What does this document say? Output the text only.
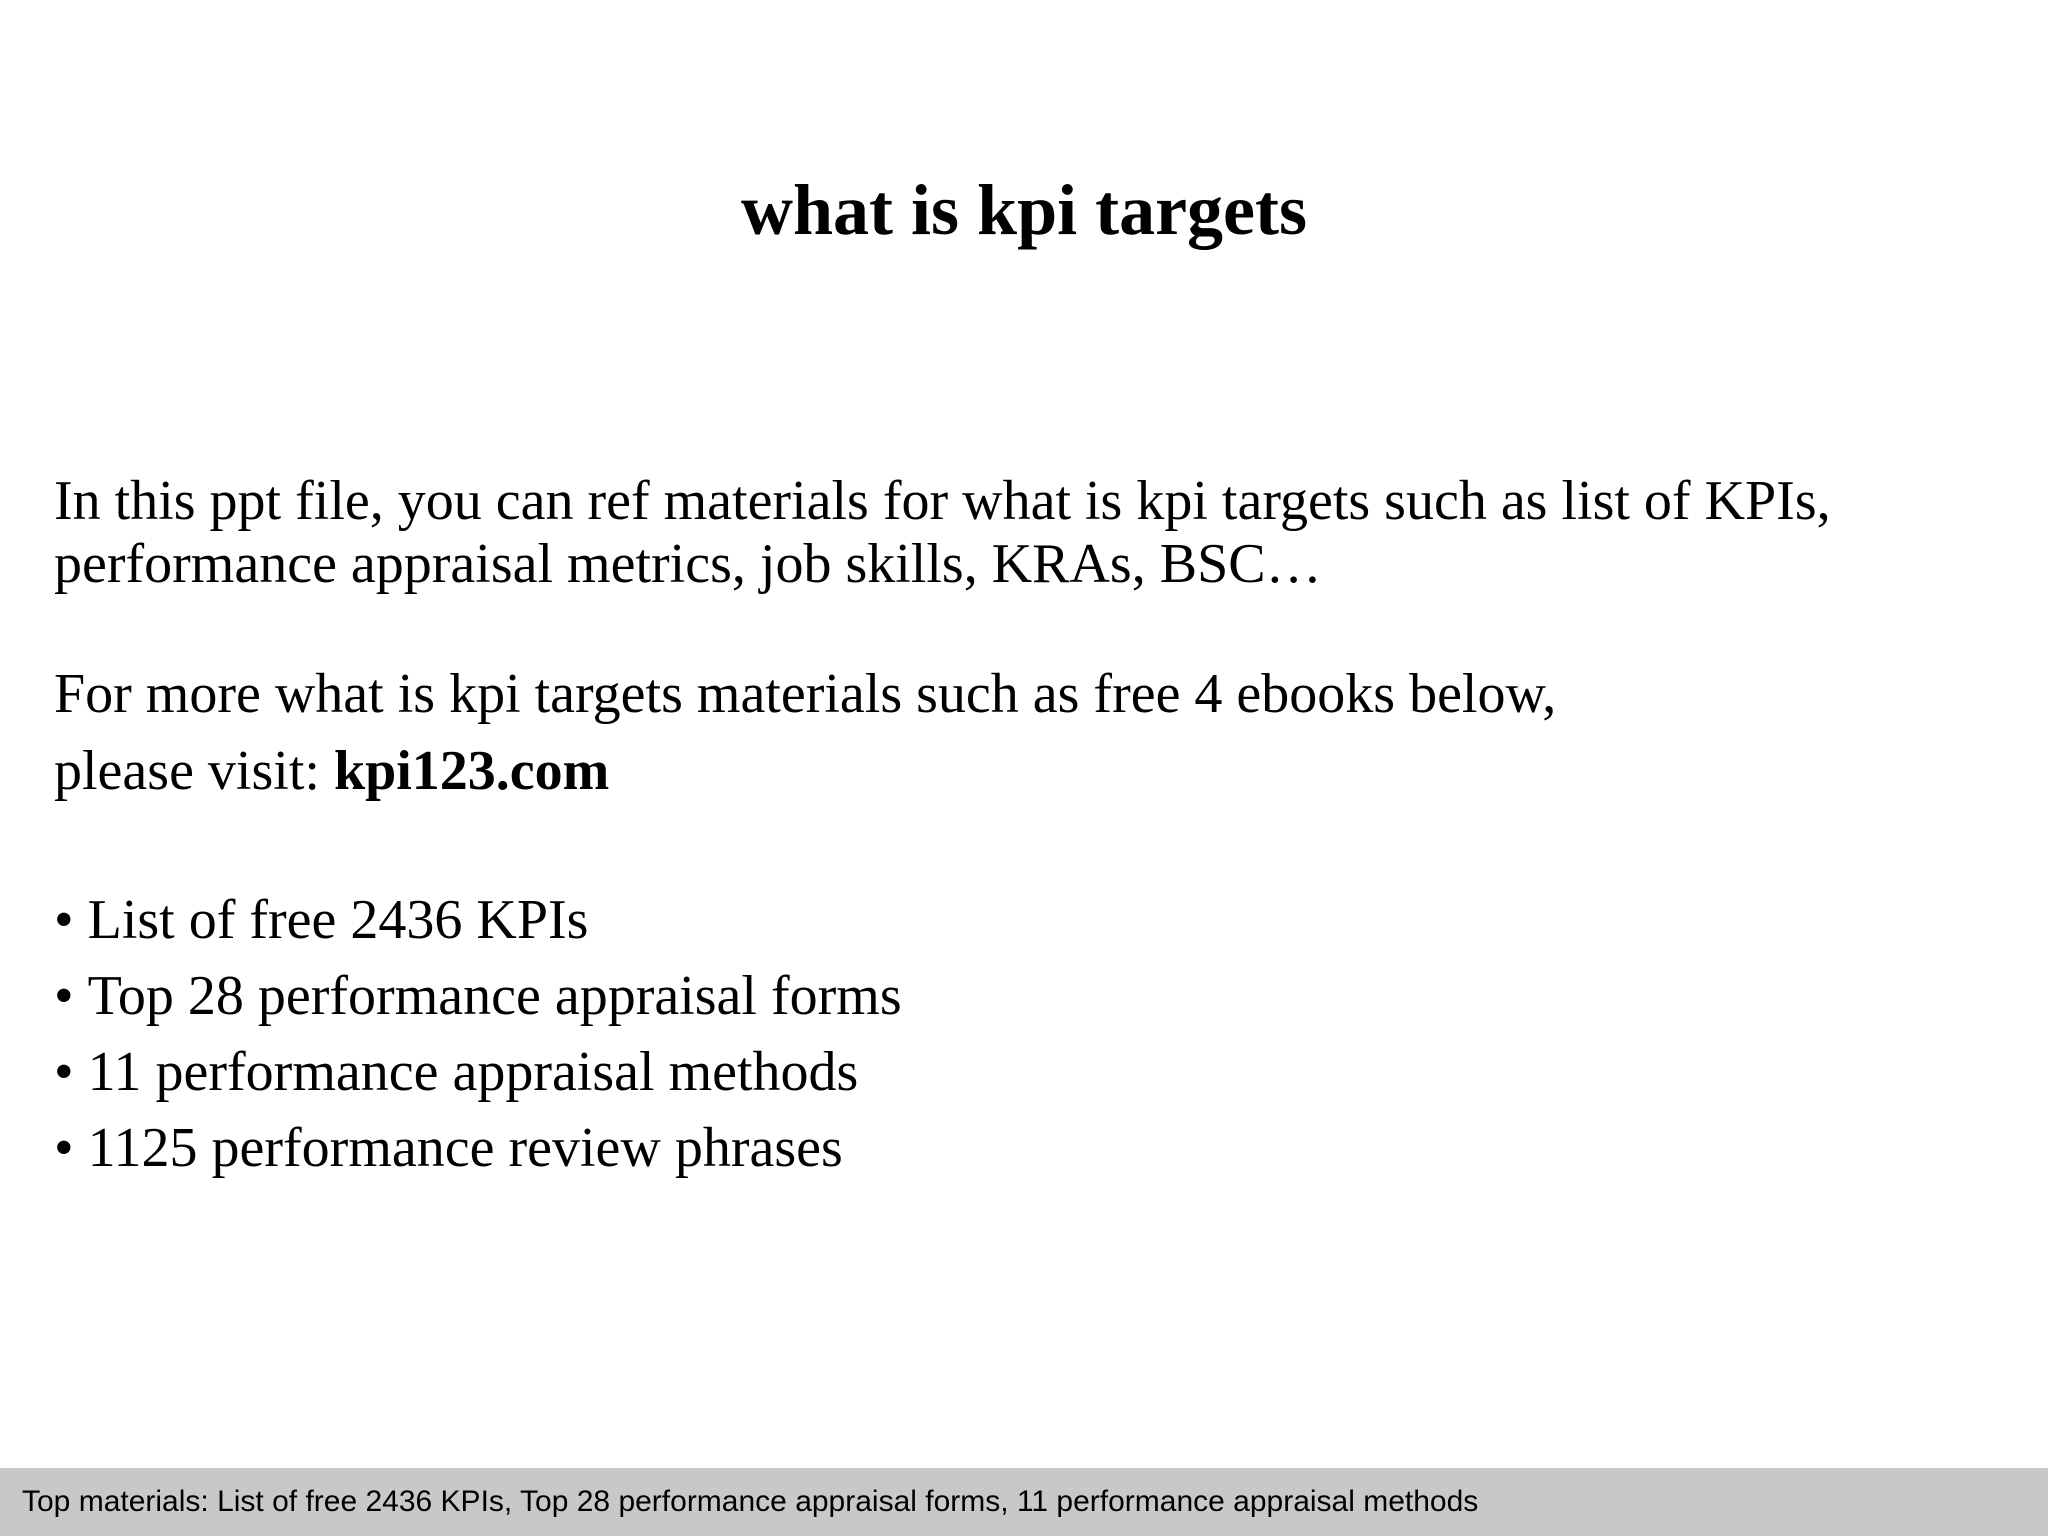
what is kpi targets

In this ppt file, you can ref materials for what is kpi targets such as list of KPIs, performance appraisal metrics, job skills, KRAs, BSC…

For more what is kpi targets materials such as free 4 ebooks below,
please visit: kpi123.com

• List of free 2436 KPIs
• Top 28 performance appraisal forms
• 11 performance appraisal methods
• 1125 performance review phrases
Top materials: List of free 2436 KPIs, Top 28 performance appraisal forms, 11 performance appraisal methods
